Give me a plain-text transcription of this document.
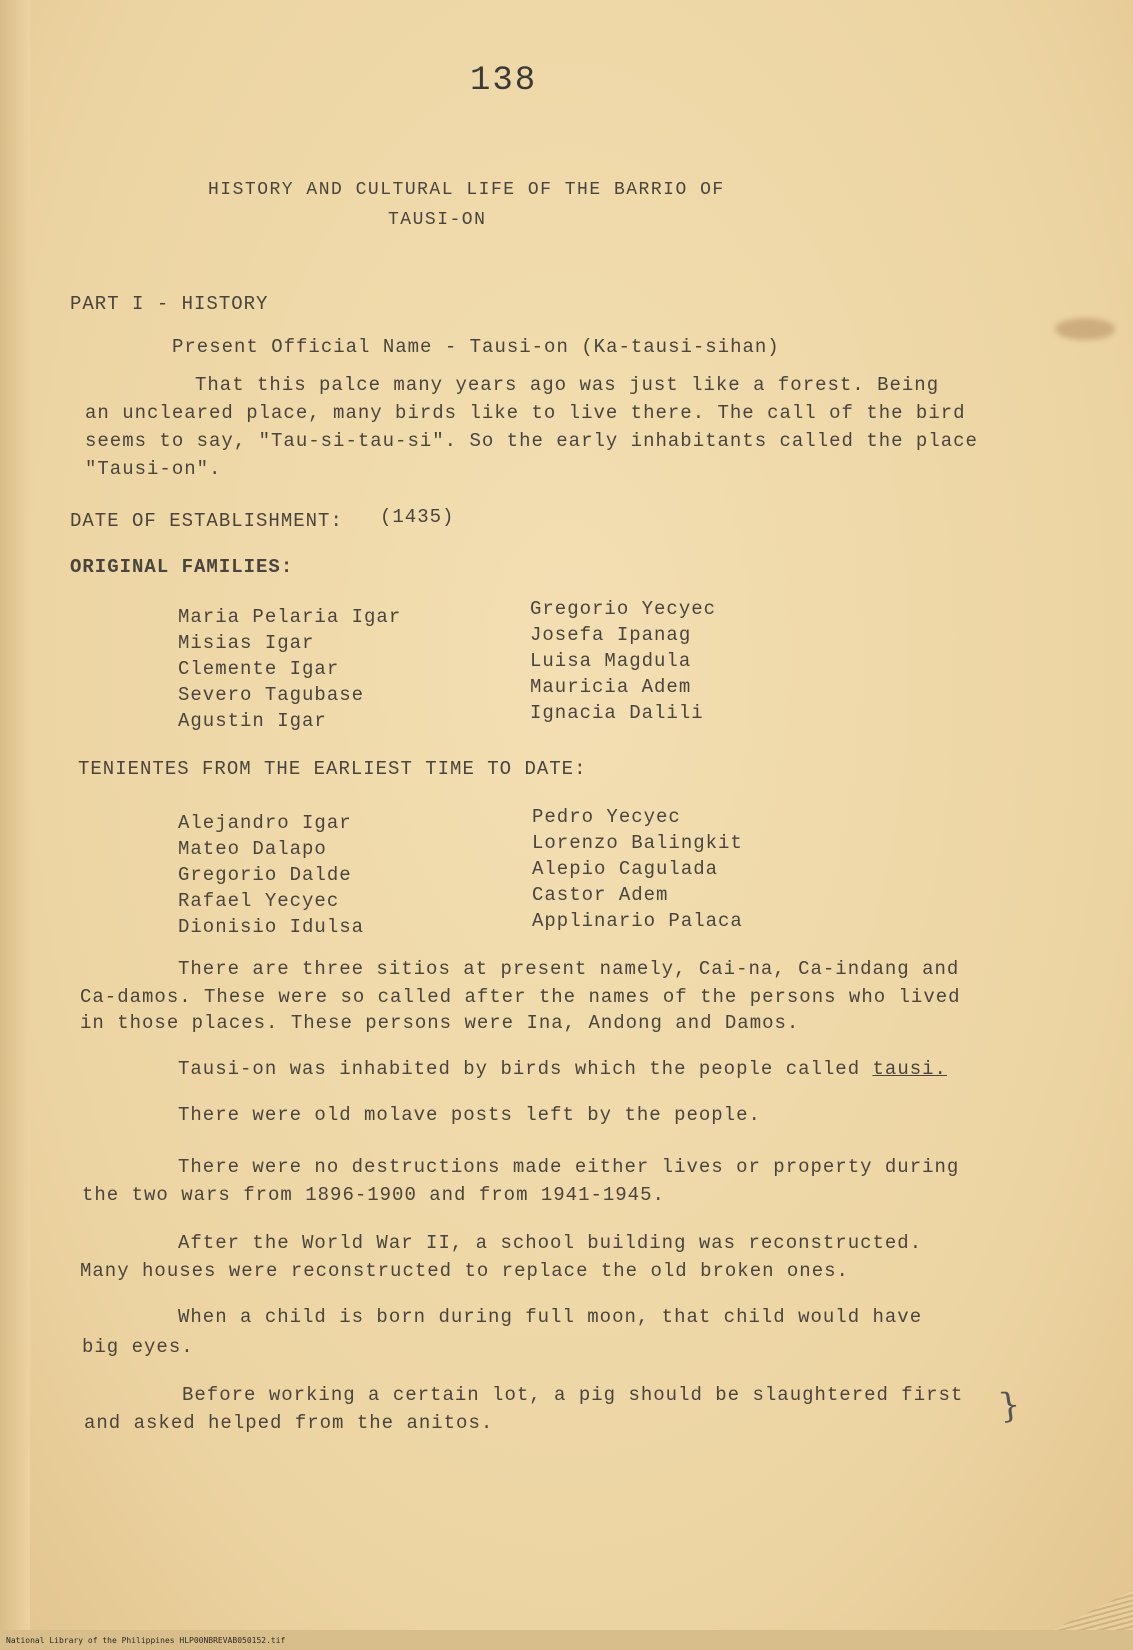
138
HISTORY AND CULTURAL LIFE OF THE BARRIO OF
TAUSI-ON
PART I - HISTORY
Present Official Name - Tausi-on (Ka-tausi-sihan)
That this palce many years ago was just like a forest. Being
an uncleared place, many birds like to live there. The call of the bird
seems to say, "Tau-si-tau-si". So the early inhabitants called the place
"Tausi-on".
DATE OF ESTABLISHMENT: (1435)
ORIGINAL FAMILIES:
Maria Pelaria Igar
Misias Igar
Clemente Igar
Severo Tagubase
Agustin Igar
Gregorio Yecyec
Josefa Ipanag
Luisa Magdula
Mauricia Adem
Ignacia Dalili
TENIENTES FROM THE EARLIEST TIME TO DATE:
Alejandro Igar
Mateo Dalapo
Gregorio Dalde
Rafael Yecyec
Dionisio Idulsa
Pedro Yecyec
Lorenzo Balingkit
Alepio Cagulada
Castor Adem
Applinario Palaca
There are three sitios at present namely, Cai-na, Ca-indang and
Ca-damos. These were so called after the names of the persons who lived
in those places. These persons were Ina, Andong and Damos.
Tausi-on was inhabited by birds which the people called tausi.
There were old molave posts left by the people.
There were no destructions made either lives or property during
the two wars from 1896-1900 and from 1941-1945.
After the World War II, a school building was reconstructed.
Many houses were reconstructed to replace the old broken ones.
When a child is born during full moon, that child would have
big eyes.
Before working a certain lot, a pig should be slaughtered first
and asked helped from the anitos.	}
National Library of the Philippines HLP00NBREVAB050152.tif
